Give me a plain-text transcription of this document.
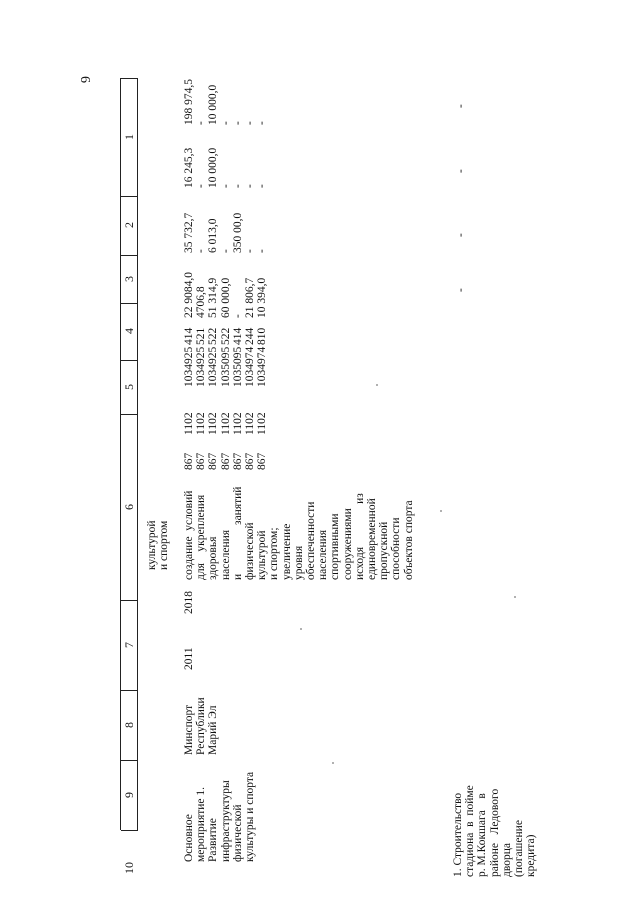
6
1
2
3
4
5
6
7
8
9
10
Основное мероприятие 1. Развитие инфраструктуры физической культуры и спорта
Минспорт Республики Марий Эл
2011
2018
культурой и спортом создание  условий для    укрепления здоровья населения и                 занятий физической культурой и спортом; увеличение уровня обеспеченности населения спортивными сооружениями исходя               из единовременной пропускной способности объектов спорта
867 867 867 867 867 867 867
1102 1102 1102 1102 1102 1102 1102
1034925 1034925 1034925 1035095 1035095 1034974 1034974
414 521 522 522 414 244 810
22 9084,0 4706,8 51 314,9 60 000,0 - 21 806,7 10 394,0
35 732,7 - 6 013,0 - 350 00,0 - -
16 245,3 - 10 000,0 - - - -
198 974,5 - 10 000,0 - - - -
1. Строительство стадиона  в  пойме р. М.Кокшага    в районе   Ледового дворца (погашение кредита)
-
-
-
-
